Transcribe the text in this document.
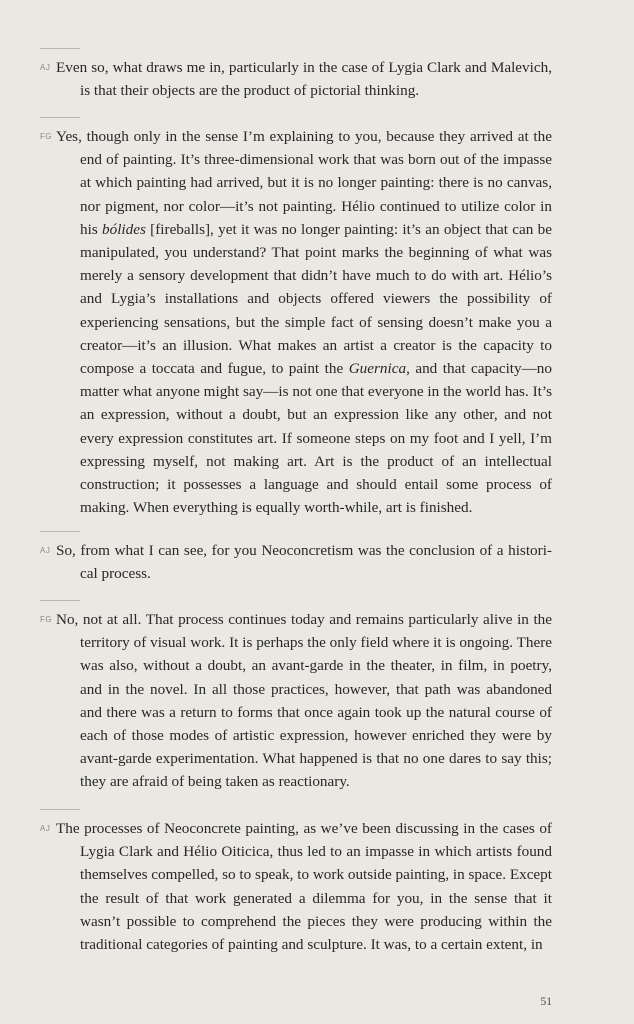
AJ Even so, what draws me in, particularly in the case of Lygia Clark and Malevich, is that their objects are the product of pictorial thinking.

FG Yes, though only in the sense I’m explaining to you, because they arrived at the end of painting. It’s three-dimensional work that was born out of the impasse at which painting had arrived, but it is no longer painting: there is no canvas, nor pigment, nor color—it’s not painting. Hélio continued to utilize color in his bólides [fireballs], yet it was no longer painting: it’s an object that can be manipulated, you understand? That point marks the beginning of what was merely a sensory development that didn’t have much to do with art. Hélio’s and Lygia’s installations and objects offered viewers the possibility of experiencing sensations, but the simple fact of sensing doesn’t make you a creator—it’s an illusion. What makes an artist a creator is the capacity to compose a toccata and fugue, to paint the Guernica, and that capacity—no matter what anyone might say—is not one that everyone in the world has. It’s an expression, without a doubt, but an expression like any other, and not every expression constitutes art. If someone steps on my foot and I yell, I’m expressing myself, not making art. Art is the product of an intellectual construction; it possesses a language and should entail some process of making. When everything is equally worth-while, art is finished.

AJ So, from what I can see, for you Neoconcretism was the conclusion of a histori-cal process.

FG No, not at all. That process continues today and remains particularly alive in the territory of visual work. It is perhaps the only field where it is ongoing. There was also, without a doubt, an avant-garde in the theater, in film, in poetry, and in the novel. In all those practices, however, that path was abandoned and there was a return to forms that once again took up the natural course of each of those modes of artistic expression, however enriched they were by avant-garde experimentation. What happened is that no one dares to say this; they are afraid of being taken as reactionary.

AJ The processes of Neoconcrete painting, as we’ve been discussing in the cases of Lygia Clark and Hélio Oiticica, thus led to an impasse in which artists found themselves compelled, so to speak, to work outside painting, in space. Except the result of that work generated a dilemma for you, in the sense that it wasn’t possible to comprehend the pieces they were producing within the traditional categories of painting and sculpture. It was, to a certain extent, in

51
